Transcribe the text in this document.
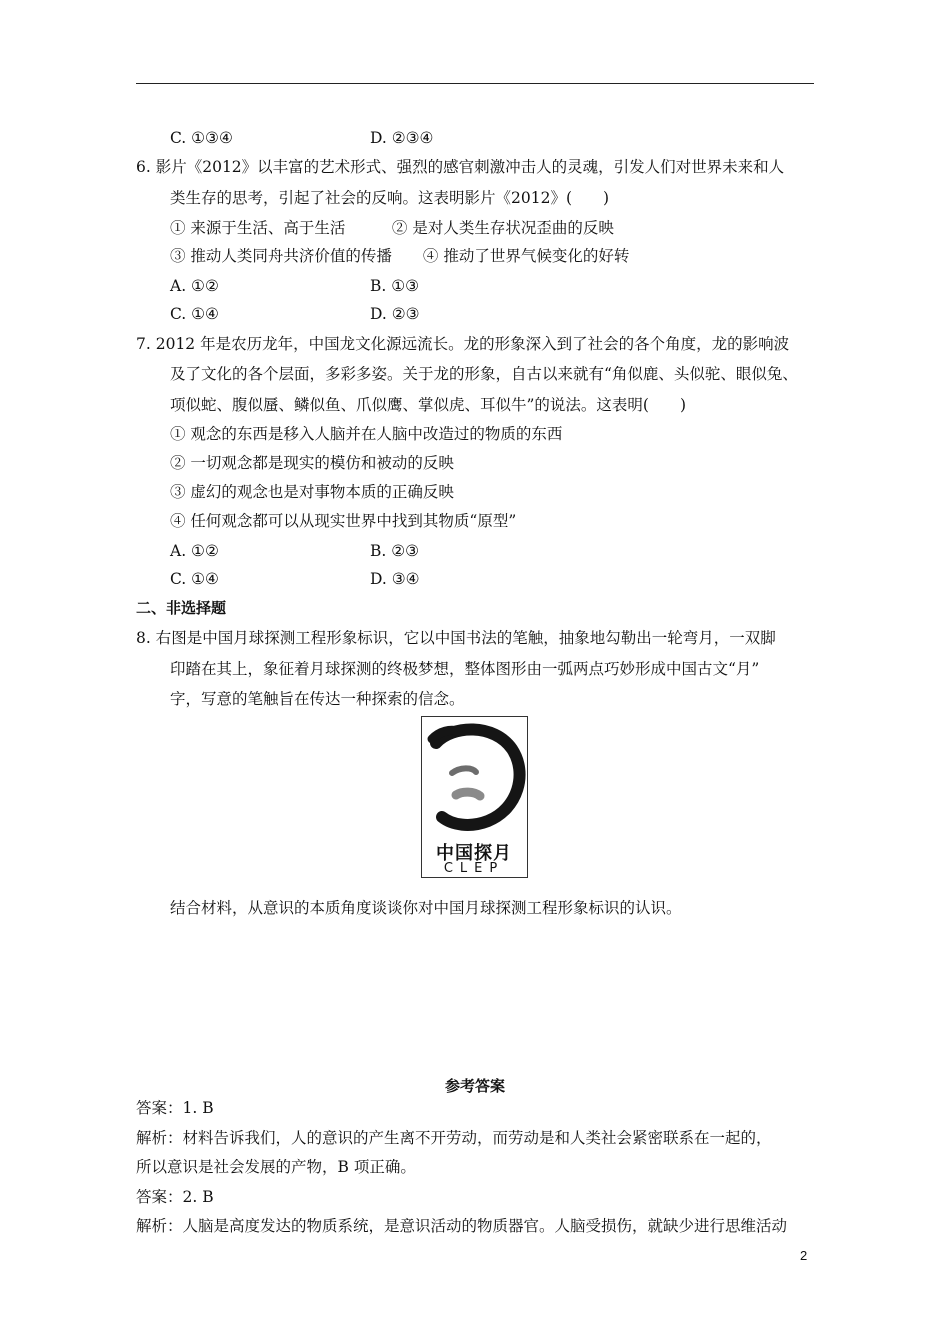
C. ①③④	D. ②③④
6. 影片《2012》以丰富的艺术形式、强烈的感官刺激冲击人的灵魂，引发人们对世界未来和人
类生存的思考，引起了社会的反响。这表明影片《2012》(　　)
① 来源于生活、高于生活　　　② 是对人类生存状况歪曲的反映
③ 推动人类同舟共济价值的传播　　④ 推动了世界气候变化的好转
A. ①②	B. ①③
C. ①④	D. ②③
7. 2012 年是农历龙年，中国龙文化源远流长。龙的形象深入到了社会的各个角度，龙的影响波
及了文化的各个层面，多彩多姿。关于龙的形象，自古以来就有“角似鹿、头似驼、眼似兔、
项似蛇、腹似蜃、鳞似鱼、爪似鹰、掌似虎、耳似牛”的说法。这表明(　　)
① 观念的东西是移入人脑并在人脑中改造过的物质的东西
② 一切观念都是现实的模仿和被动的反映
③ 虚幻的观念也是对事物本质的正确反映
④ 任何观念都可以从现实世界中找到其物质“原型”
A. ①②	B. ②③
C. ①④	D. ③④
二、非选择题
8. 右图是中国月球探测工程形象标识，它以中国书法的笔触，抽象地勾勒出一轮弯月，一双脚
印踏在其上，象征着月球探测的终极梦想，整体图形由一弧两点巧妙形成中国古文“月”
字，写意的笔触旨在传达一种探索的信念。
中国探月
CLEP
结合材料，从意识的本质角度谈谈你对中国月球探测工程形象标识的认识。
参考答案
答案：1. B
解析：材料告诉我们，人的意识的产生离不开劳动，而劳动是和人类社会紧密联系在一起的，
所以意识是社会发展的产物，B 项正确。
答案：2. B
解析：人脑是高度发达的物质系统，是意识活动的物质器官。人脑受损伤，就缺少进行思维活动
2
